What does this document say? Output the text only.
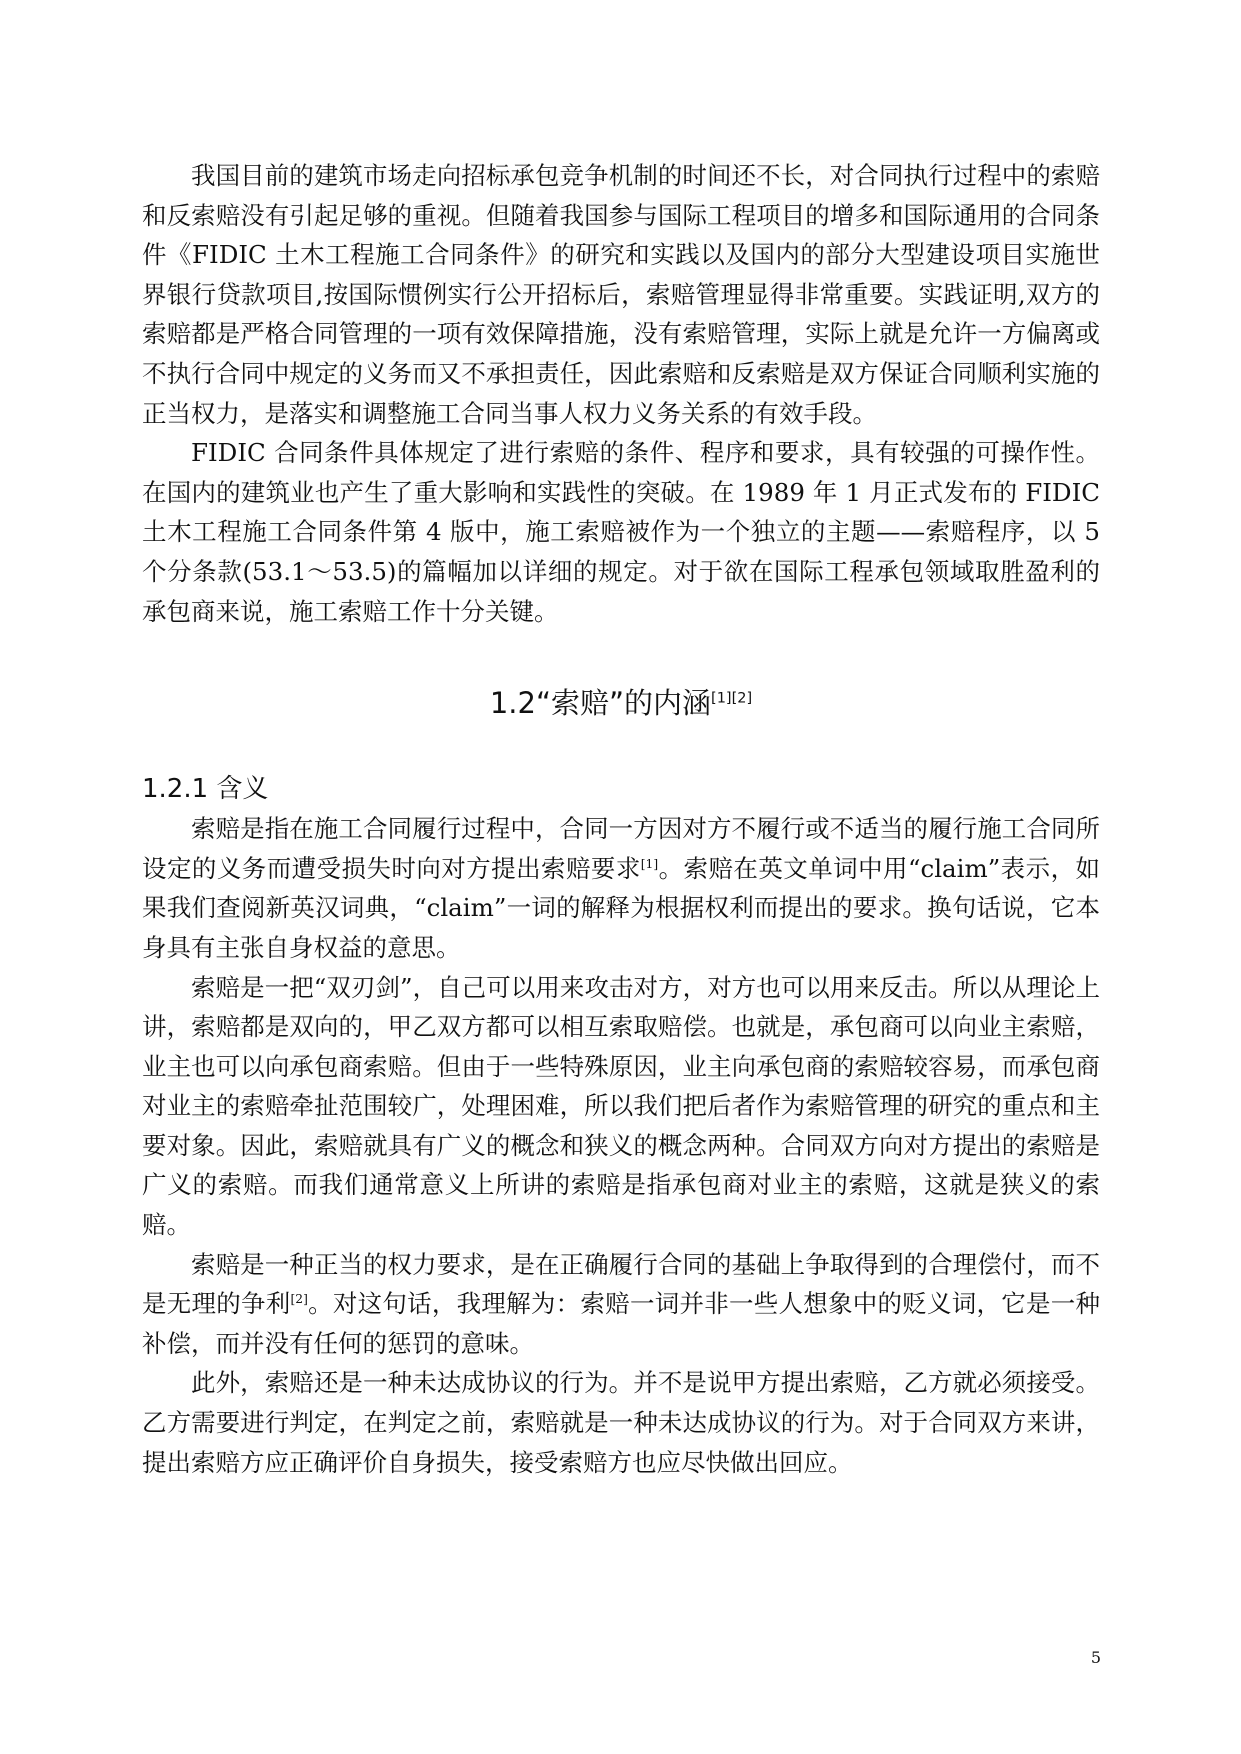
我国目前的建筑市场走向招标承包竞争机制的时间还不长，对合同执行过程中的索赔和反索赔没有引起足够的重视。但随着我国参与国际工程项目的增多和国际通用的合同条件《FIDIC 土木工程施工合同条件》的研究和实践以及国内的部分大型建设项目实施世界银行贷款项目,按国际惯例实行公开招标后，索赔管理显得非常重要。实践证明,双方的索赔都是严格合同管理的一项有效保障措施，没有索赔管理，实际上就是允许一方偏离或不执行合同中规定的义务而又不承担责任，因此索赔和反索赔是双方保证合同顺利实施的正当权力，是落实和调整施工合同当事人权力义务关系的有效手段。

FIDIC 合同条件具体规定了进行索赔的条件、程序和要求，具有较强的可操作性。在国内的建筑业也产生了重大影响和实践性的突破。在 1989 年 1 月正式发布的 FIDIC 土木工程施工合同条件第 4 版中，施工索赔被作为一个独立的主题——索赔程序，以 5 个分条款(53.1～53.5)的篇幅加以详细的规定。对于欲在国际工程承包领域取胜盈利的承包商来说，施工索赔工作十分关键。

1.2“索赔”的内涵[1][2]
1.2.1 含义

索赔是指在施工合同履行过程中，合同一方因对方不履行或不适当的履行施工合同所设定的义务而遭受损失时向对方提出索赔要求[1]。索赔在英文单词中用“claim”表示，如果我们查阅新英汉词典，“claim”一词的解释为根据权利而提出的要求。换句话说，它本身具有主张自身权益的意思。

索赔是一把“双刃剑”，自己可以用来攻击对方，对方也可以用来反击。所以从理论上讲，索赔都是双向的，甲乙双方都可以相互索取赔偿。也就是，承包商可以向业主索赔，业主也可以向承包商索赔。但由于一些特殊原因，业主向承包商的索赔较容易，而承包商对业主的索赔牵扯范围较广，处理困难，所以我们把后者作为索赔管理的研究的重点和主要对象。因此，索赔就具有广义的概念和狭义的概念两种。合同双方向对方提出的索赔是广义的索赔。而我们通常意义上所讲的索赔是指承包商对业主的索赔，这就是狭义的索赔。

索赔是一种正当的权力要求，是在正确履行合同的基础上争取得到的合理偿付，而不是无理的争利[2]。对这句话，我理解为：索赔一词并非一些人想象中的贬义词，它是一种补偿，而并没有任何的惩罚的意味。

此外，索赔还是一种未达成协议的行为。并不是说甲方提出索赔，乙方就必须接受。乙方需要进行判定，在判定之前，索赔就是一种未达成协议的行为。对于合同双方来讲，提出索赔方应正确评价自身损失，接受索赔方也应尽快做出回应。

5
